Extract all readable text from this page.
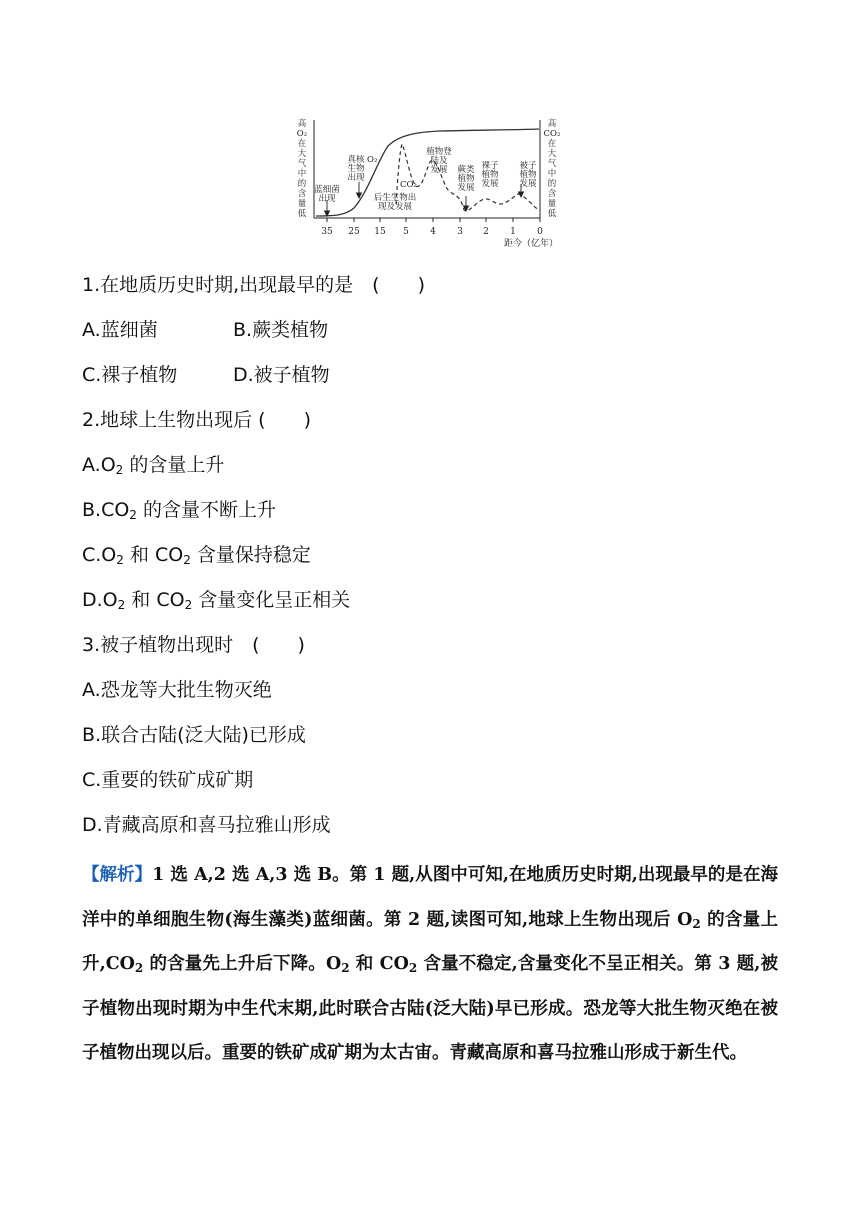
高
O₂
在
大
气
中
的
含
量
低
高
CO₂
在
大
气
中
的
含
量
低
35 25 15 5 4 3 2 1 0
距今（亿年）
O₂
CO₂
蓝细菌
出现
真核
生物
出现
后生生物出
现及发展
植物登
陆及
发展 蕨类
植物
发展
裸子
植物
发展
被子
植物
发展
1.在地质历史时期,出现最早的是　(　　)
A.蓝细菌	B.蕨类植物
C.裸子植物	D.被子植物
2.地球上生物出现后 (　　)
$A.O_2$ 的含量上升
$B.CO_2$ 的含量不断上升
$C.O_2$ 和 $CO_2$ 含量保持稳定
$D.O_2$ 和 $CO_2$ 含量变化呈正相关
3.被子植物出现时　(　　)
A.恐龙等大批生物灭绝
B.联合古陆(泛大陆)已形成
C.重要的铁矿成矿期
D.青藏高原和喜马拉雅山形成
【解析】1 选 A,2 选 A,3 选 B。第 1 题,从图中可知,在地质历史时期,出现最早的是在海洋中的单细胞生物(海生藻类)蓝细菌。第 2 题,读图可知,地球上生物出现后 $O_2$ 的含量上升$,CO_2$ 的含量先上升后下降。$O_2$ 和 $CO_2$ 含量不稳定,含量变化不呈正相关。第 3 题,被子植物出现时期为中生代末期,此时联合古陆(泛大陆)早已形成。恐龙等大批生物灭绝在被子植物出现以后。重要的铁矿成矿期为太古宙。青藏高原和喜马拉雅山形成于新生代。
